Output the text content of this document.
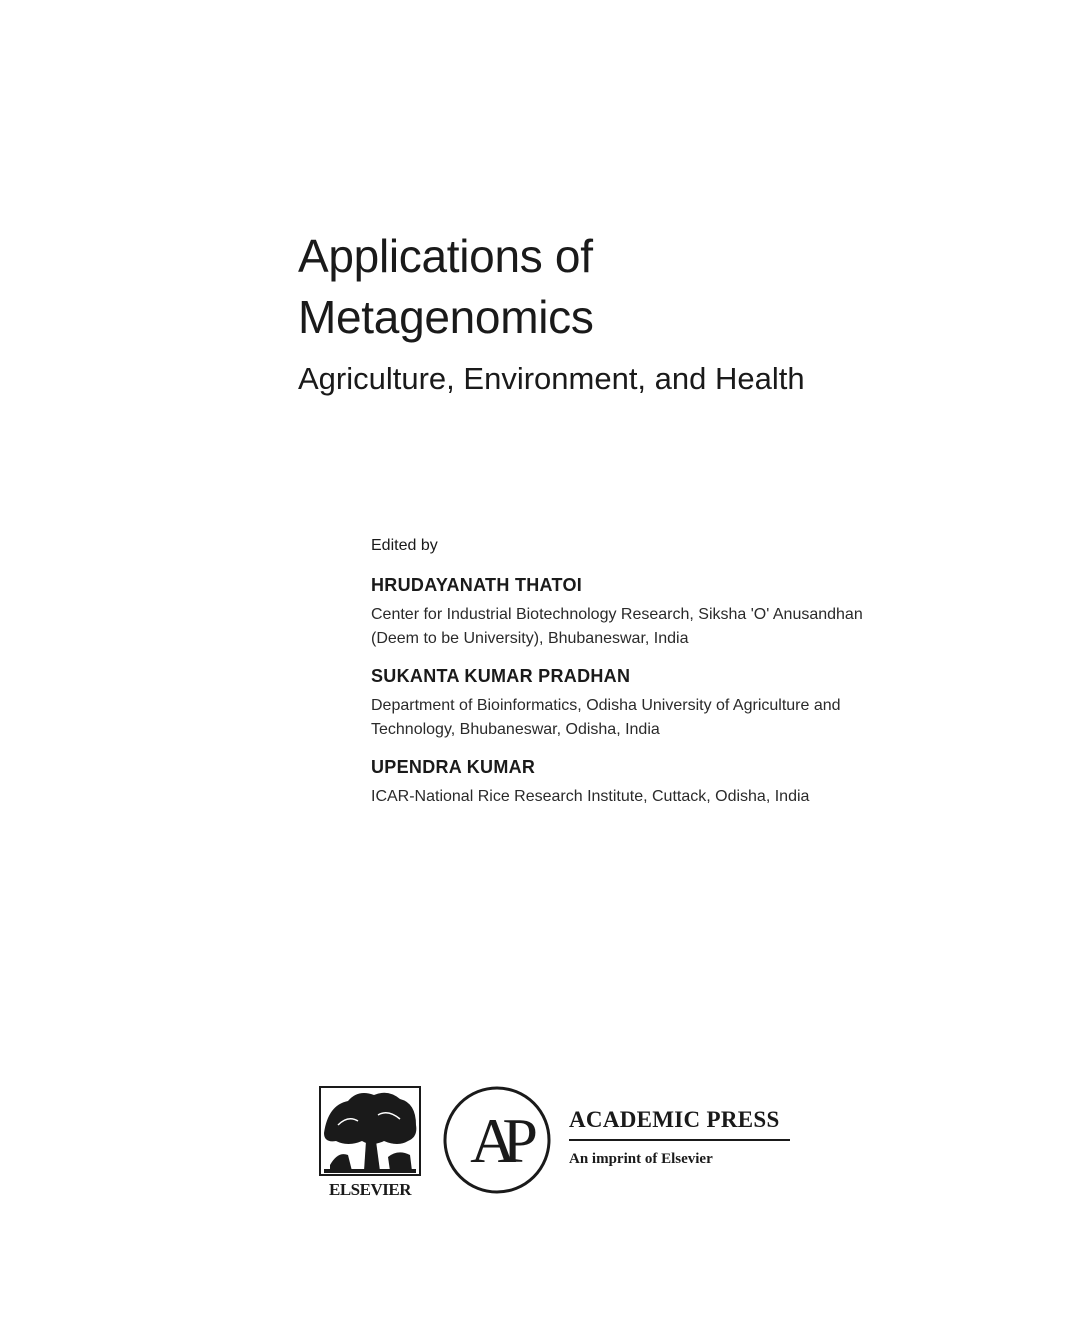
Applications of
Metagenomics
Agriculture, Environment, and Health
Edited by
HRUDAYANATH THATOI
Center for Industrial Biotechnology Research, Siksha 'O' Anusandhan
(Deem to be University), Bhubaneswar, India
SUKANTA KUMAR PRADHAN
Department of Bioinformatics, Odisha University of Agriculture and
Technology, Bhubaneswar, Odisha, India
UPENDRA KUMAR
ICAR-National Rice Research Institute, Cuttack, Odisha, India
ELSEVIER
AP	ACADEMIC PRESS
An imprint of Elsevier
